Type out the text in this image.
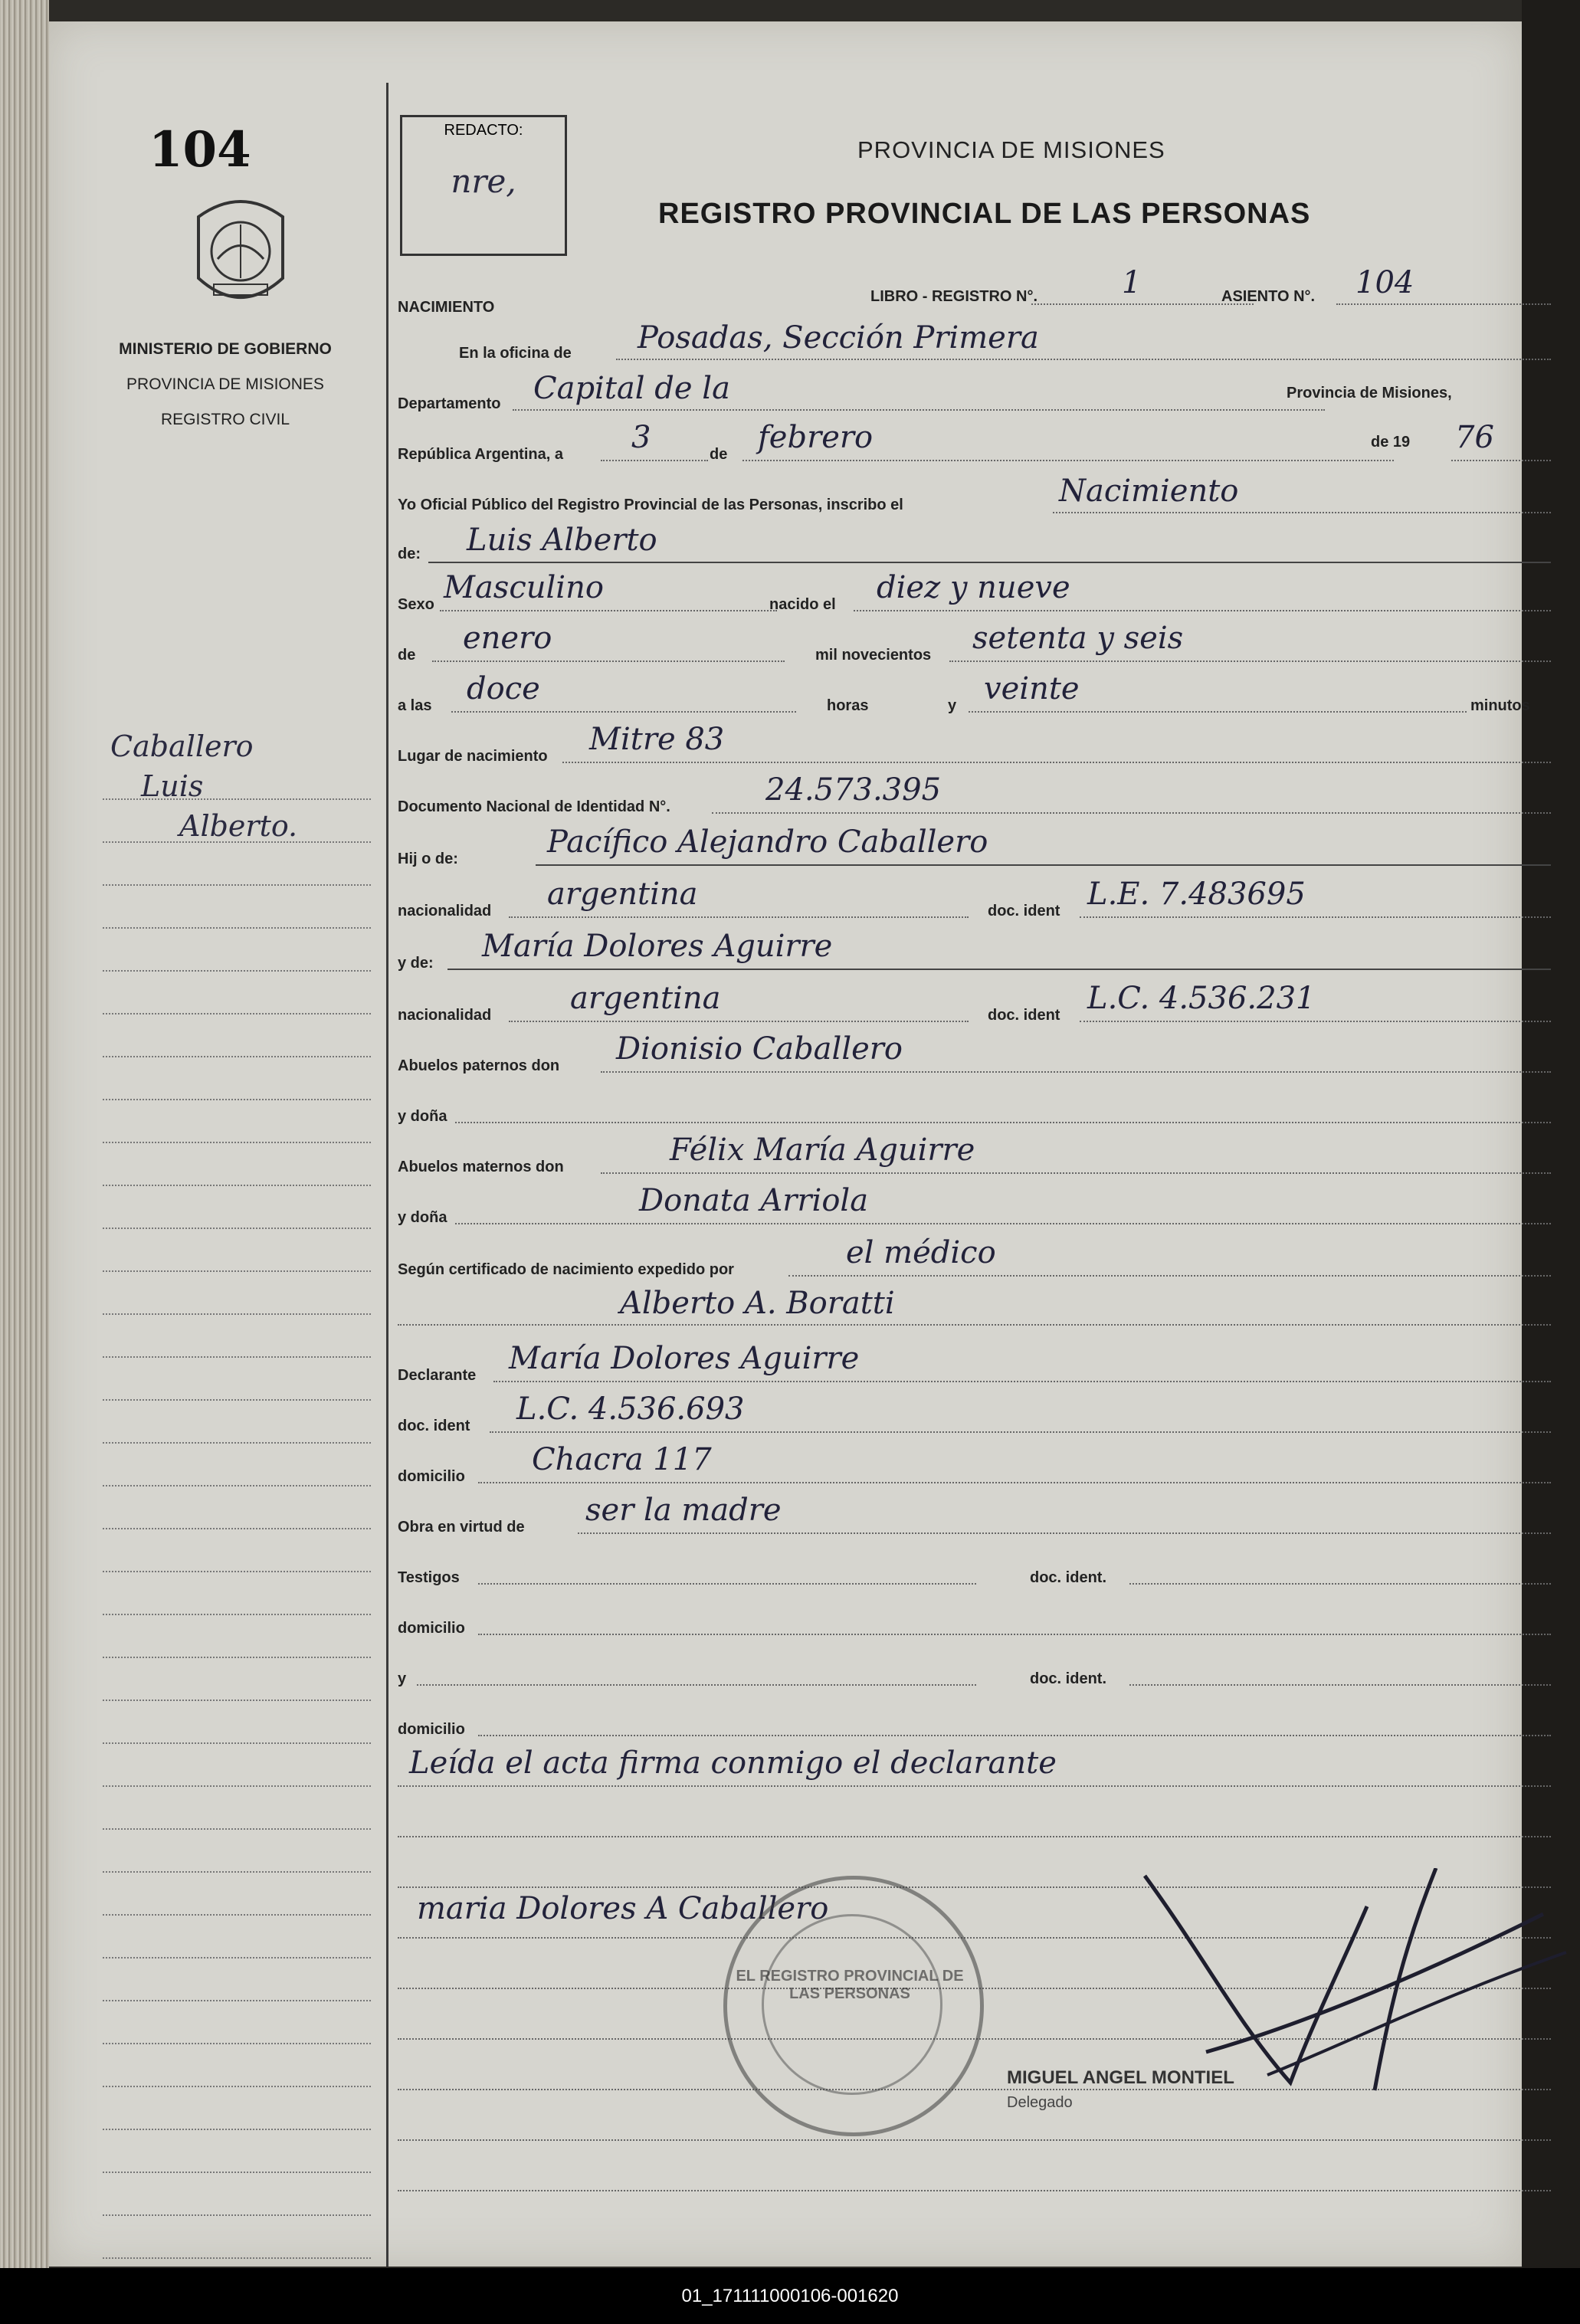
104
MINISTERIO DE GOBIERNO
PROVINCIA DE MISIONES
REGISTRO CIVIL
Caballero
Luis
Alberto.
REDACTO:
nre,
PROVINCIA DE MISIONES
REGISTRO PROVINCIAL DE LAS PERSONAS
NACIMIENTO
LIBRO - REGISTRO N°.	1	ASIENTO N°. 104
En la oficina de Posadas, Sección Primera
Departamento Capital de la	Provincia de Misiones,
República Argentina, a 3	de febrero	de 19 76
Yo Oficial Público del Registro Provincial de las Personas, inscribo el	Nacimiento
de: Luis Alberto
Sexo Masculino	nacido el diez y nueve
de enero	mil novecientos setenta y seis
a las doce	horas	y veinte	minutos
Lugar de nacimiento Mitre 83
Documento Nacional de Identidad N°.	24.573.395
Hij o de:	Pacífico Alejandro Caballero
nacionalidad argentina	doc. ident L.E. 7.483695
y de: María Dolores Aguirre
nacionalidad	argentina	doc. ident L.C. 4.536.231
Abuelos paternos don Dionisio Caballero
y doña
Abuelos maternos don	Félix María Aguirre
y doña	Donata Arriola
Según certificado de nacimiento expedido por	el médico
Alberto A. Boratti
Declarante María Dolores Aguirre
doc. ident L.C. 4.536.693
domicilio Chacra 117
Obra en virtud de ser la madre
Testigos	doc. ident.
domicilio
y	doc. ident.
domicilio
Leída el acta firma conmigo el declarante
maria Dolores A Caballero
EL REGISTRO PROVINCIAL DE LAS PERSONAS
MIGUEL ANGEL MONTIEL
Delegado
01_171111000106-001620
